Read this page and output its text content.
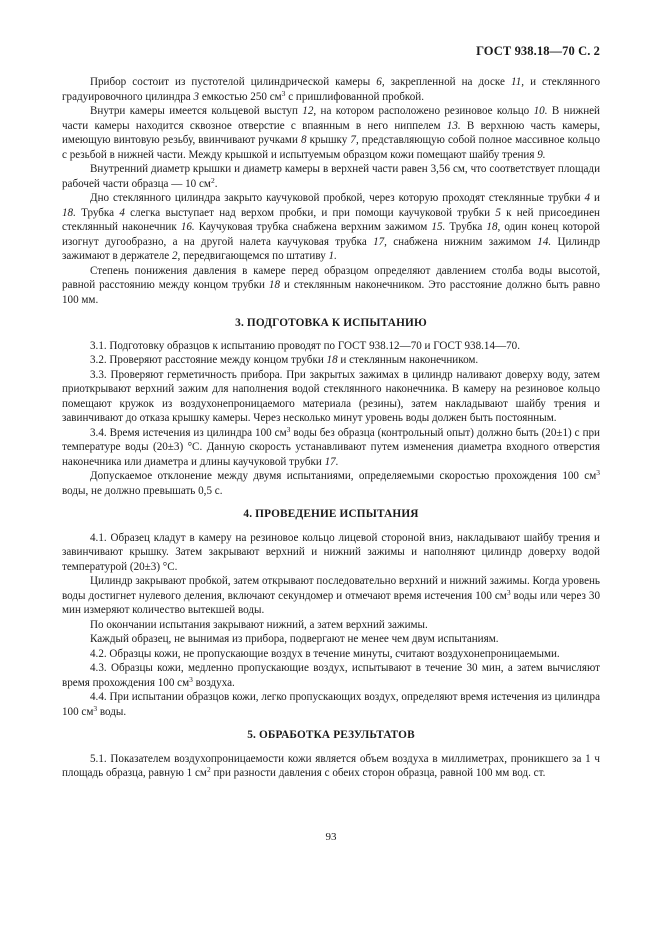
ГОСТ 938.18—70 С. 2

Прибор состоит из пустотелой цилиндрической камеры 6, закрепленной на доске 11, и стеклянного градуировочного цилиндра 3 емкостью 250 $см^3$ с пришлифованной пробкой.

Внутри камеры имеется кольцевой выступ 12, на котором расположено резиновое кольцо 10. В нижней части камеры находится сквозное отверстие с впаянным в него ниппелем 13. В верхнюю часть камеры, имеющую винтовую резьбу, ввинчивают ручками 8 крышку 7, представляющую собой полное массивное кольцо с резьбой в нижней части. Между крышкой и испытуемым образцом кожи помещают шайбу трения 9.

Внутренний диаметр крышки и диаметр камеры в верхней части равен 3,56 см, что соответствует площади рабочей части образца — 10 $см^2$.

Дно стеклянного цилиндра закрыто каучуковой пробкой, через которую проходят стеклянные трубки 4 и 18. Трубка 4 слегка выступает над верхом пробки, и при помощи каучуковой трубки 5 к ней присоединен стеклянный наконечник 16. Каучуковая трубка снабжена верхним зажимом 15. Трубка 18, один конец которой изогнут дугообразно, а на другой налета каучуковая трубка 17, снабжена нижним зажимом 14. Цилиндр зажимают в держателе 2, передвигающемся по штативу 1.

Степень понижения давления в камере перед образцом определяют давлением столба воды высотой, равной расстоянию между концом трубки 18 и стеклянным наконечником. Это расстояние должно быть равно 100 мм.

3. ПОДГОТОВКА К ИСПЫТАНИЮ

3.1. Подготовку образцов к испытанию проводят по ГОСТ 938.12—70 и ГОСТ 938.14—70.

3.2. Проверяют расстояние между концом трубки 18 и стеклянным наконечником.

3.3. Проверяют герметичность прибора. При закрытых зажимах в цилиндр наливают доверху воду, затем приоткрывают верхний зажим для наполнения водой стеклянного наконечника. В камеру на резиновое кольцо помещают кружок из воздухонепроницаемого материала (резины), затем накладывают шайбу трения и завинчивают до отказа крышку камеры. Через несколько минут уровень воды должен быть постоянным.

3.4. Время истечения из цилиндра 100 $см^3$ воды без образца (контрольный опыт) должно быть (20±1) с при температуре воды (20±3) °С. Данную скорость устанавливают путем изменения диаметра входного отверстия наконечника или диаметра и длины каучуковой трубки 17.

Допускаемое отклонение между двумя испытаниями, определяемыми скоростью прохождения 100 $см^3$ воды, не должно превышать 0,5 с.

4. ПРОВЕДЕНИЕ ИСПЫТАНИЯ

4.1. Образец кладут в камеру на резиновое кольцо лицевой стороной вниз, накладывают шайбу трения и завинчивают крышку. Затем закрывают верхний и нижний зажимы и наполняют цилиндр доверху водой температурой (20±3) °С.

Цилиндр закрывают пробкой, затем открывают последовательно верхний и нижний зажимы. Когда уровень воды достигнет нулевого деления, включают секундомер и отмечают время истечения 100 $см^3$ воды или через 30 мин измеряют количество вытекшей воды.

По окончании испытания закрывают нижний, а затем верхний зажимы.

Каждый образец, не вынимая из прибора, подвергают не менее чем двум испытаниям.

4.2. Образцы кожи, не пропускающие воздух в течение минуты, считают воздухонепроницаемыми.

4.3. Образцы кожи, медленно пропускающие воздух, испытывают в течение 30 мин, а затем вычисляют время прохождения 100 $см^3$ воздуха.

4.4. При испытании образцов кожи, легко пропускающих воздух, определяют время истечения из цилиндра 100 $см^3$ воды.

5. ОБРАБОТКА РЕЗУЛЬТАТОВ

5.1. Показателем воздухопроницаемости кожи является объем воздуха в миллиметрах, проникшего за 1 ч площадь образца, равную 1 $см^2$ при разности давления с обеих сторон образца, равной 100 мм вод. ст.

93
